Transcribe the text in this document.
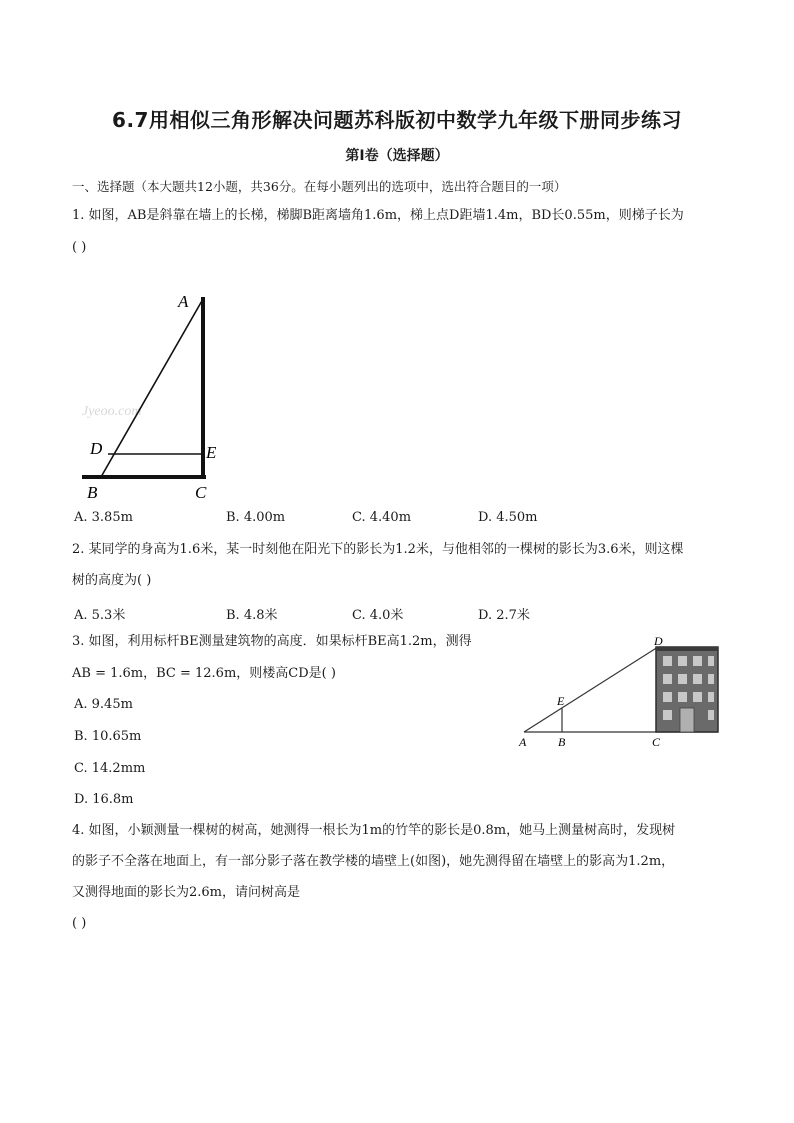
6.7用相似三角形解决问题苏科版初中数学九年级下册同步练习
第I卷（选择题）
一、选择题（本大题共12小题，共36分。在每小题列出的选项中，选出符合题目的一项）
1. 如图，AB是斜靠在墙上的长梯，梯脚B距离墙角1.6m，梯上点D距墙1.4m，BD长0.55m，则梯子长为
( )
Jyeoo.com
A
D	E
B	C
A. 3.85m	B. 4.00m	C. 4.40m	D. 4.50m
2. 某同学的身高为1.6米，某一时刻他在阳光下的影长为1.2米，与他相邻的一棵树的影长为3.6米，则这棵
树的高度为( )
A. 5.3米	B. 4.8米	C. 4.0米	D. 2.7米
3. 如图，利用标杆BE测量建筑物的高度．如果标杆BE高1.2m，测得
AB = 1.6m，BC = 12.6m，则楼高CD是( )
A. 9.45m
B. 10.65m
C. 14.2mm
D. 16.8m
D
E
A	B	C
4. 如图，小颖测量一棵树的树高，她测得一根长为1m的竹竿的影长是0.8m，她马上测量树高时，发现树
的影子不全落在地面上，有一部分影子落在教学楼的墙壁上(如图)，她先测得留在墙壁上的影高为1.2m，
又测得地面的影长为2.6m，请问树高是
( )
